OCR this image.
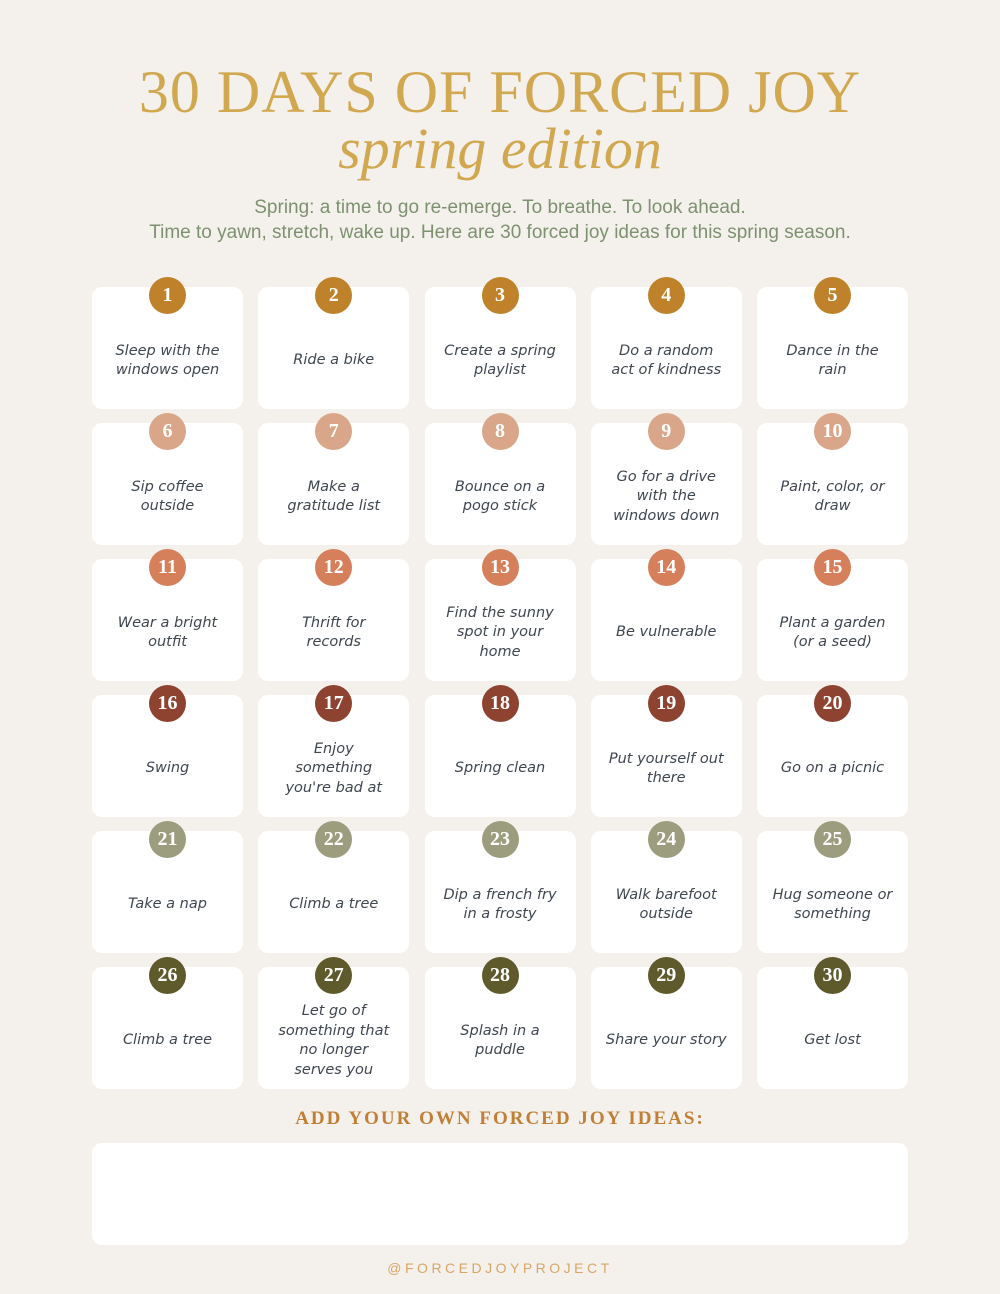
30 DAYS OF FORCED JOY
spring edition
Spring: a time to go re-emerge. To breathe. To look ahead.
Time to yawn, stretch, wake up. Here are 30 forced joy ideas for this spring season.
1
Sleep with the
windows open
2
Ride a bike
3
Create a spring
playlist
4
Do a random
act of kindness
5
Dance in the
rain
6
Sip coffee
outside
7
Make a
gratitude list
8
Bounce on a
pogo stick
9
Go for a drive
with the
windows down
10
Paint, color, or
draw
11
Wear a bright
outfit
12
Thrift for
records
13
Find the sunny
spot in your
home
14
Be vulnerable
15
Plant a garden
(or a seed)
16
Swing
17
Enjoy
something
you're bad at
18
Spring clean
19
Put yourself out
there
20
Go on a picnic
21
Take a nap
22
Climb a tree
23
Dip a french fry
in a frosty
24
Walk barefoot
outside
25
Hug someone or
something
26
Climb a tree
27
Let go of
something that
no longer
serves you
28
Splash in a
puddle
29
Share your story
30
Get lost
ADD YOUR OWN FORCED JOY IDEAS:
@FORCEDJOYPROJECT
